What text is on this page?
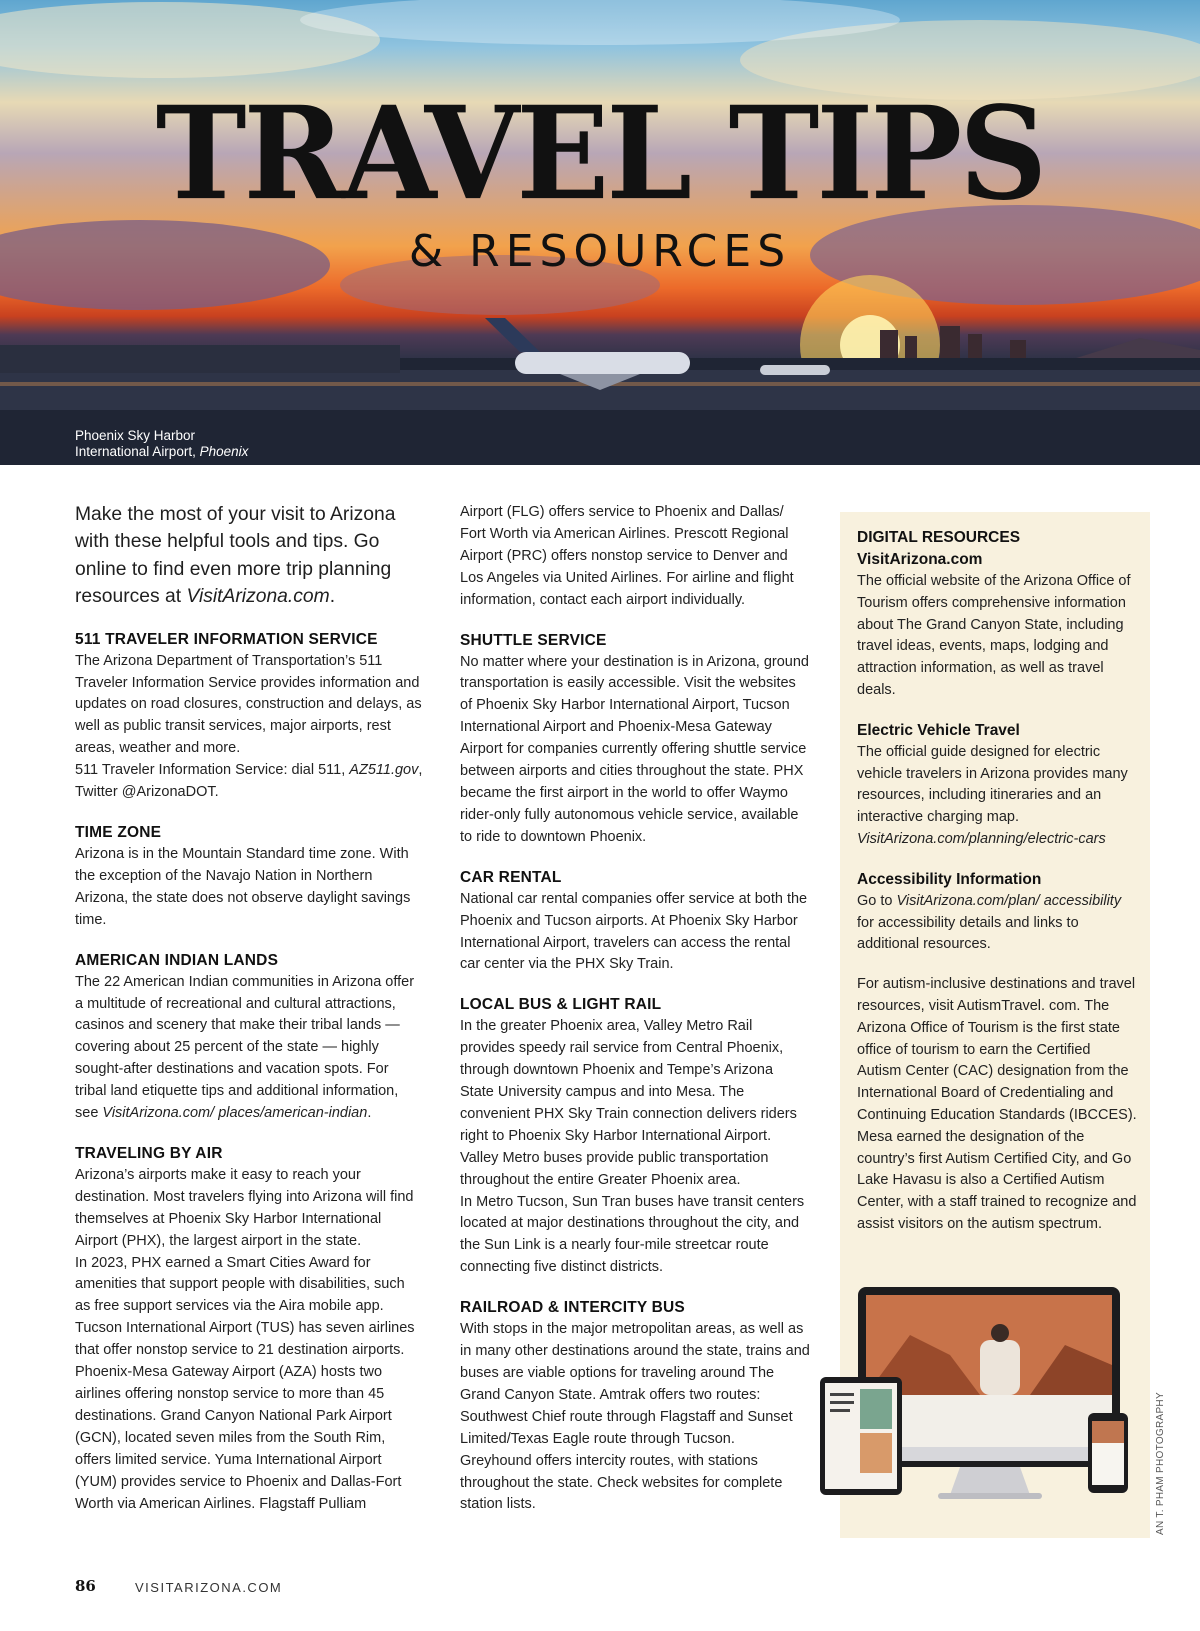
TRAVEL TIPS
& RESOURCES
Phoenix Sky Harbor
International Airport, Phoenix

Make the most of your visit to Arizona with these helpful tools and tips. Go online to find even more trip planning resources at VisitArizona.com.

511 TRAVELER INFORMATION SERVICE

The Arizona Department of Transportation’s 511 Traveler Information Service provides information and updates on road closures, construction and delays, as well as public transit services, major airports, rest areas, weather and more.
511 Traveler Information Service: dial 511, AZ511.gov, Twitter @ArizonaDOT.

TIME ZONE

Arizona is in the Mountain Standard time zone. With the exception of the Navajo Nation in Northern Arizona, the state does not observe daylight savings time.

AMERICAN INDIAN LANDS

The 22 American Indian communities in Arizona offer a multitude of recreational and cultural attractions, casinos and scenery that make their tribal lands — covering about 25 percent of the state — highly sought-after destinations and vacation spots. For tribal land etiquette tips and additional information, see VisitArizona.com/ places/american-indian.

TRAVELING BY AIR

Arizona’s airports make it easy to reach your destination. Most travelers flying into Arizona will find themselves at Phoenix Sky Harbor International Airport (PHX), the largest airport in the state.
In 2023, PHX earned a Smart Cities Award for amenities that support people with disabilities, such as free support services via the Aira mobile app. Tucson International Airport (TUS) has seven airlines that offer nonstop service to 21 destination airports. Phoenix-Mesa Gateway Airport (AZA) hosts two airlines offering nonstop service to more than 45 destinations. Grand Canyon National Park Airport (GCN), located seven miles from the South Rim, offers limited service. Yuma International Airport (YUM) provides service to Phoenix and Dallas-Fort Worth via American Airlines. Flagstaff Pulliam

Airport (FLG) offers service to Phoenix and Dallas/ Fort Worth via American Airlines. Prescott Regional Airport (PRC) offers nonstop service to Denver and Los Angeles via United Airlines. For airline and flight information, contact each airport individually.

SHUTTLE SERVICE

No matter where your destination is in Arizona, ground transportation is easily accessible. Visit the websites of Phoenix Sky Harbor International Airport, Tucson International Airport and Phoenix-Mesa Gateway Airport for companies currently offering shuttle service between airports and cities throughout the state. PHX became the first airport in the world to offer Waymo rider-only fully autonomous vehicle service, available to ride to downtown Phoenix.

CAR RENTAL

National car rental companies offer service at both the Phoenix and Tucson airports. At Phoenix Sky Harbor International Airport, travelers can access the rental car center via the PHX Sky Train.

LOCAL BUS & LIGHT RAIL

In the greater Phoenix area, Valley Metro Rail provides speedy rail service from Central Phoenix, through downtown Phoenix and Tempe’s Arizona State University campus and into Mesa. The convenient PHX Sky Train connection delivers riders right to Phoenix Sky Harbor International Airport. Valley Metro buses provide public transportation throughout the entire Greater Phoenix area.
In Metro Tucson, Sun Tran buses have transit centers located at major destinations throughout the city, and the Sun Link is a nearly four-mile streetcar route connecting five distinct districts.

RAILROAD & INTERCITY BUS

With stops in the major metropolitan areas, as well as in many other destinations around the state, trains and buses are viable options for traveling around The Grand Canyon State. Amtrak offers two routes: Southwest Chief route through Flagstaff and Sunset Limited/Texas Eagle route through Tucson. Greyhound offers intercity routes, with stations throughout the state. Check websites for complete station lists.

DIGITAL RESOURCES

VisitArizona.com

The official website of the Arizona Office of Tourism offers comprehensive information about The Grand Canyon State, including travel ideas, events, maps, lodging and attraction information, as well as travel deals.

Electric Vehicle Travel

The official guide designed for electric vehicle travelers in Arizona provides many resources, including itineraries and an interactive charging map.
VisitArizona.com/planning/electric-cars

Accessibility Information

Go to VisitArizona.com/plan/ accessibility for accessibility details and links to additional resources.

For autism-inclusive destinations and travel resources, visit AutismTravel. com. The Arizona Office of Tourism is the first state office of tourism to earn the Certified Autism Center (CAC) designation from the International Board of Credentialing and Continuing Education Standards (IBCCES). Mesa earned the designation of the country’s first Autism Certified City, and Go Lake Havasu is also a Certified Autism Center, with a staff trained to recognize and assist visitors on the autism spectrum.

AN T. PHAM PHOTOGRAPHY
86	VISITARIZONA.COM
